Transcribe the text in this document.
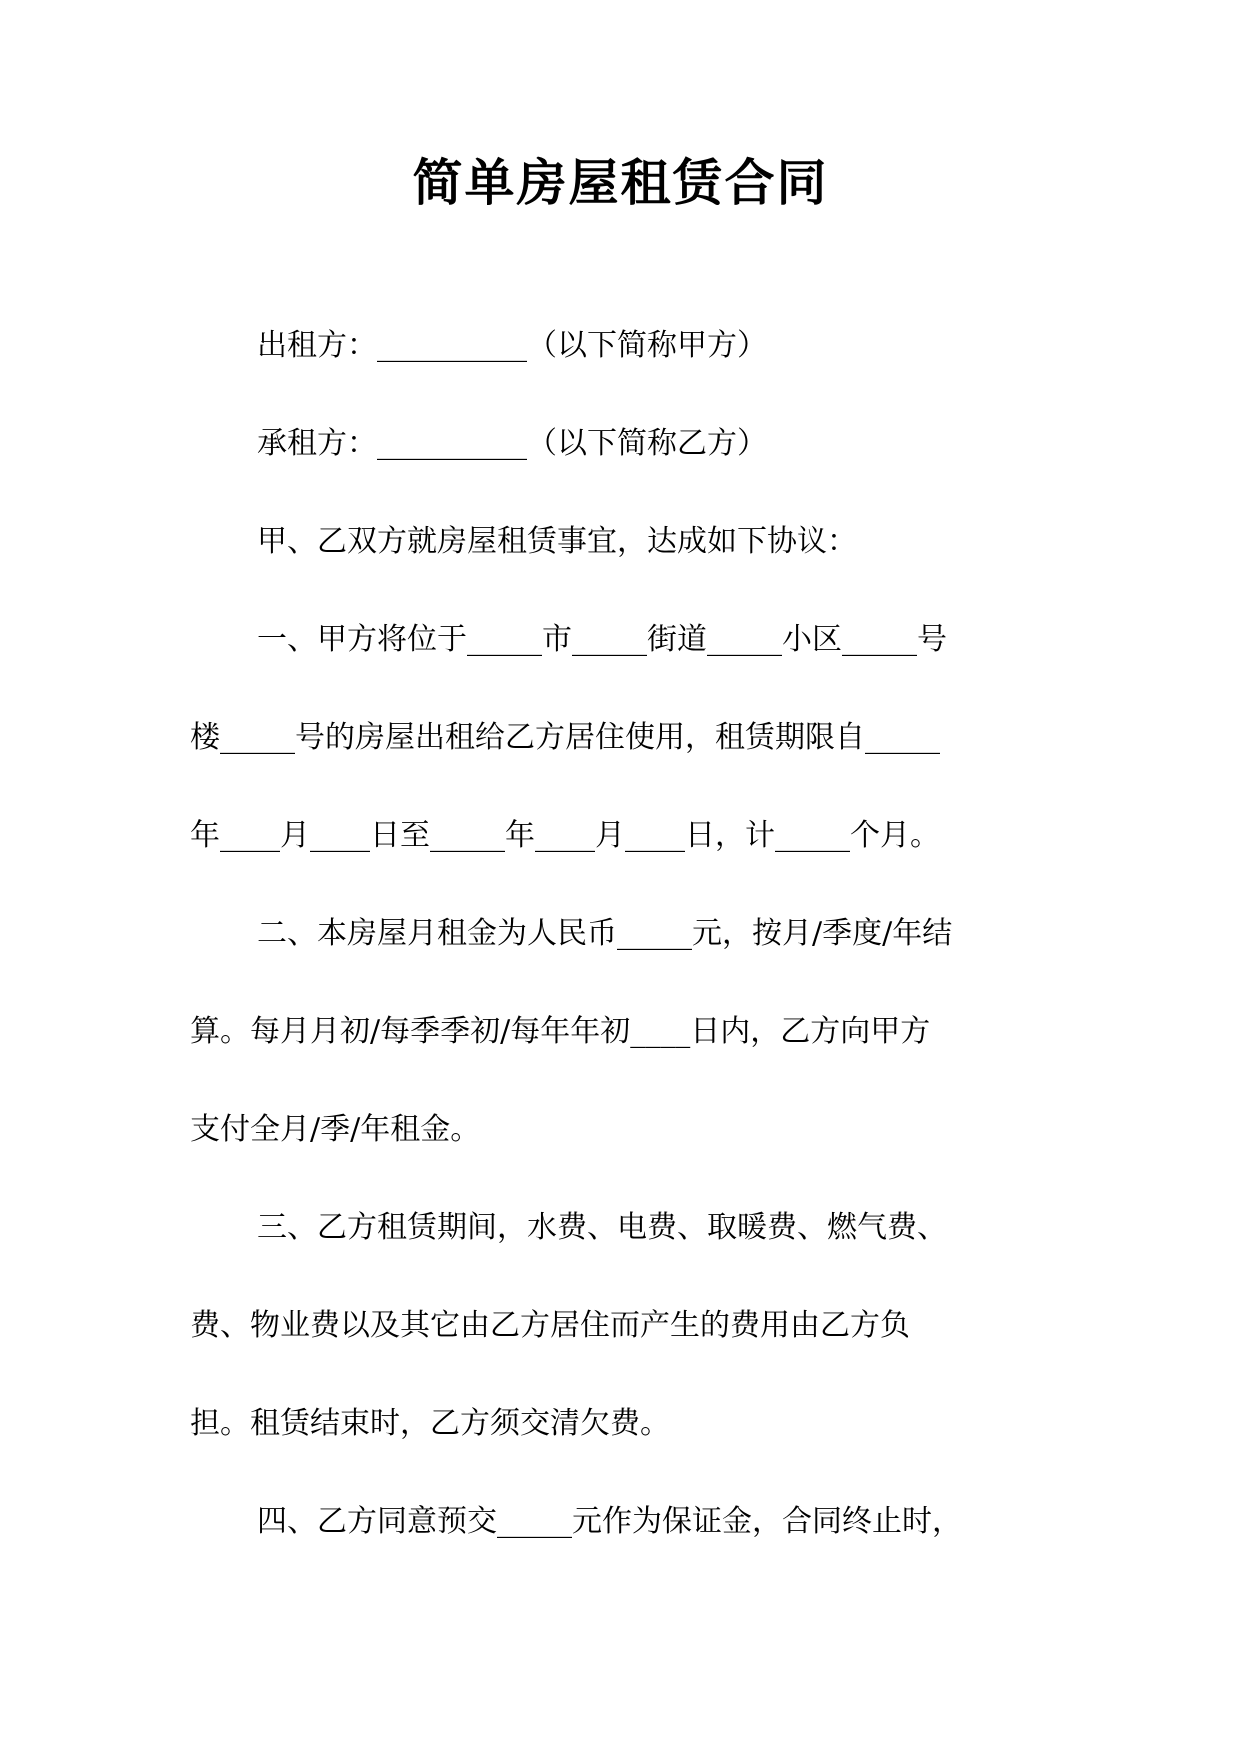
简单房屋租赁合同
出租方：__________（以下简称甲方）
承租方：__________（以下简称乙方）
甲、乙双方就房屋租赁事宜，达成如下协议：
一、甲方将位于_____市_____街道_____小区_____号
楼_____号的房屋出租给乙方居住使用，租赁期限自_____
年____月____日至_____年____月____日，计_____个月。
二、本房屋月租金为人民币_____元，按月/季度/年结
算。每月月初/每季季初/每年年初____日内，乙方向甲方
支付全月/季/年租金。
三、乙方租赁期间，水费、电费、取暖费、燃气费、
费、物业费以及其它由乙方居住而产生的费用由乙方负
担。租赁结束时，乙方须交清欠费。
四、乙方同意预交_____元作为保证金，合同终止时，
